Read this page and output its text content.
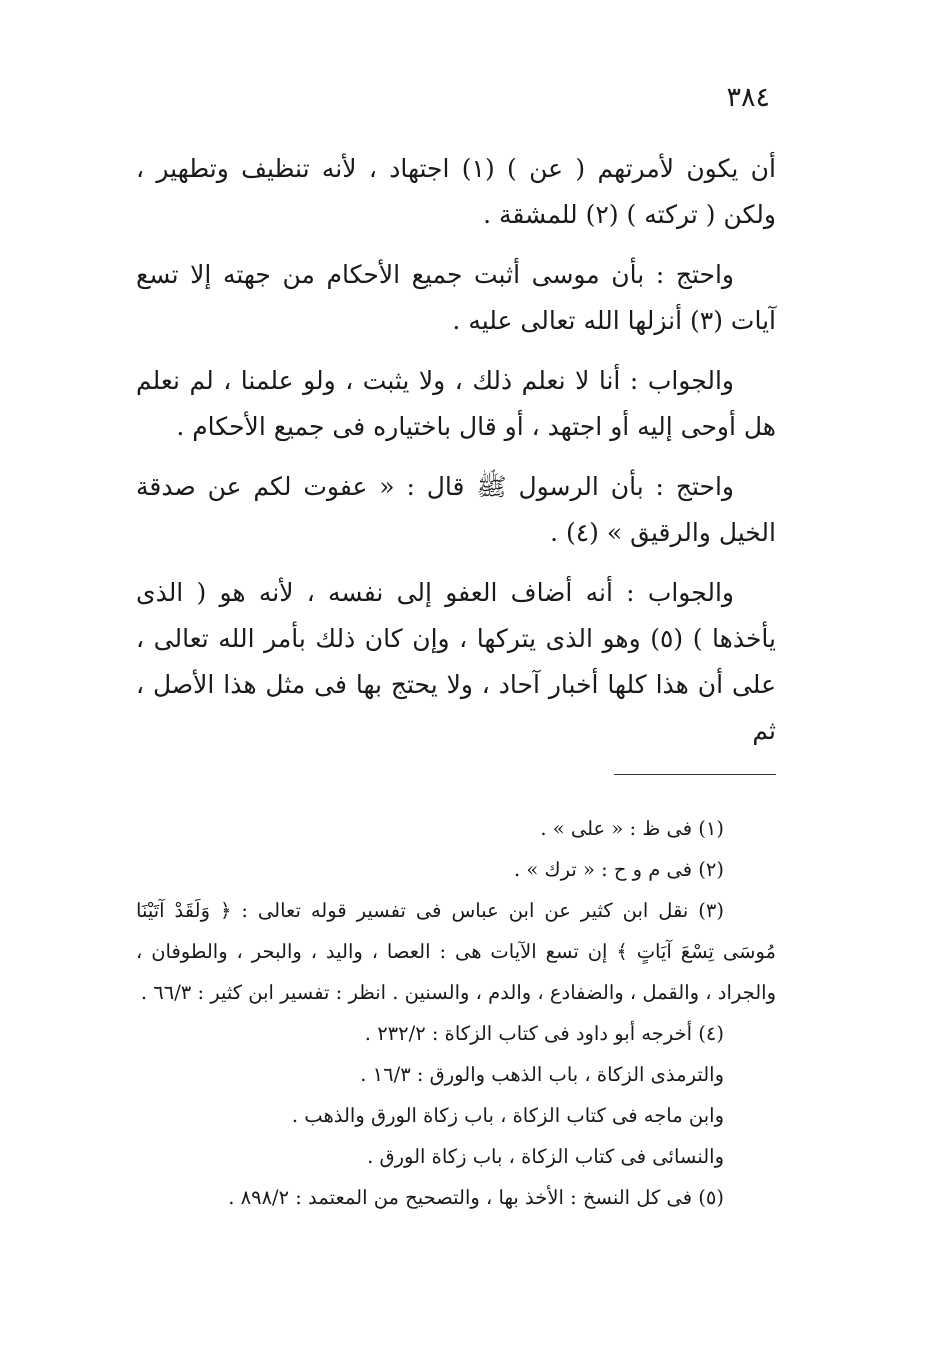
٣٨٤

أن يكون لأمرتهم ( عن ) (١) اجتهاد ، لأنه تنظيف وتطهير ، ولكن ( تركته ) (٢) للمشقة .

واحتج : بأن موسى أثبت جميع الأحكام من جهته إلا تسع آيات (٣) أنزلها الله تعالى عليه .

والجواب : أنا لا نعلم ذلك ، ولا يثبت ، ولو علمنا ، لم نعلم هل أوحى إليه أو اجتهد ، أو قال باختياره فى جميع الأحكام .

واحتج : بأن الرسول ﷺ قال : « عفوت لكم عن صدقة الخيل والرقيق » (٤) .

والجواب : أنه أضاف العفو إلى نفسه ، لأنه هو ( الذى يأخذها ) (٥) وهو الذى يتركها ، وإن كان ذلك بأمر الله تعالى ، على أن هذا كلها أخبار آحاد ، ولا يحتج بها فى مثل هذا الأصل ، ثم

(١) فى ظ : « على » .

(٢) فى م و ح : « ترك » .

(٣) نقل ابن كثير عن ابن عباس فى تفسير قوله تعالى : ﴿ وَلَقَدْ آتَيْنَا مُوسَى تِسْعَ آيَاتٍ ﴾ إن تسع الآيات هى : العصا ، واليد ، والبحر ، والطوفان ، والجراد ، والقمل ، والضفادع ، والدم ، والسنين . انظر : تفسير ابن كثير : ٦٦/٣ .

(٤) أخرجه أبو داود فى كتاب الزكاة : ٢٣٢/٢ .

والترمذى الزكاة ، باب الذهب والورق : ١٦/٣ .

وابن ماجه فى كتاب الزكاة ، باب زكاة الورق والذهب .

والنسائى فى كتاب الزكاة ، باب زكاة الورق .

(٥) فى كل النسخ : الأخذ بها ، والتصحيح من المعتمد : ٨٩٨/٢ .
